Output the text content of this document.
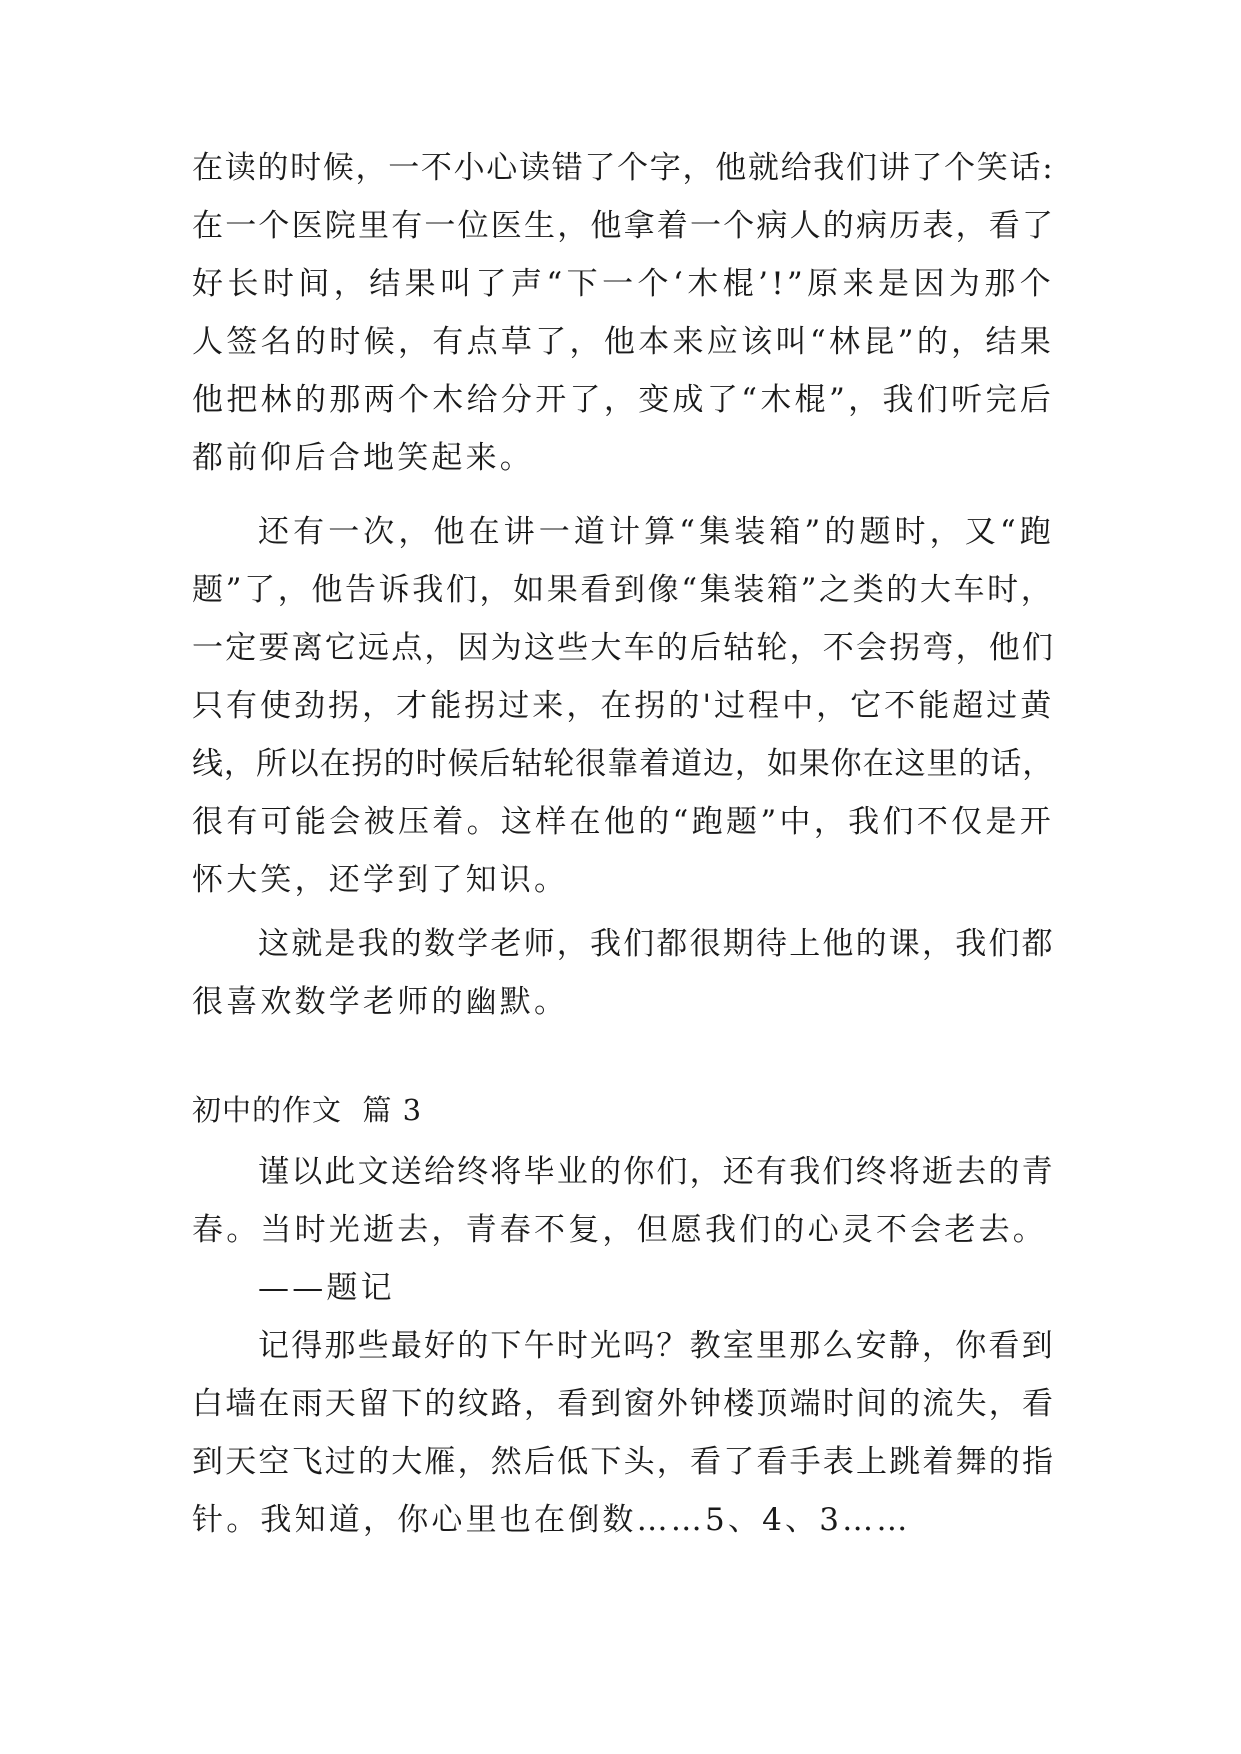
在读的时候，一不小心读错了个字，他就给我们讲了个笑话:
在一个医院里有一位医生，他拿着一个病人的病历表，看了
好长时间，结果叫了声“下一个‘木棍’!”原来是因为那个
人签名的时候，有点草了，他本来应该叫“林昆”的，结果
他把林的那两个木给分开了，变成了“木棍”，我们听完后
都前仰后合地笑起来。
还有一次，他在讲一道计算“集装箱”的题时，又“跑
题”了，他告诉我们，如果看到像“集装箱”之类的大车时，
一定要离它远点，因为这些大车的后轱轮，不会拐弯，他们
只有使劲拐，才能拐过来，在拐的'过程中，它不能超过黄
线，所以在拐的时候后轱轮很靠着道边，如果你在这里的话，
很有可能会被压着。这样在他的“跑题”中，我们不仅是开
怀大笑，还学到了知识。
这就是我的数学老师，我们都很期待上他的课，我们都
很喜欢数学老师的幽默。
初中的作文  篇 3
谨以此文送给终将毕业的你们，还有我们终将逝去的青
春。当时光逝去，青春不复，但愿我们的心灵不会老去。
——题记
记得那些最好的下午时光吗？教室里那么安静，你看到
白墙在雨天留下的纹路，看到窗外钟楼顶端时间的流失，看
到天空飞过的大雁，然后低下头，看了看手表上跳着舞的指
针。我知道，你心里也在倒数……5、4、3……
